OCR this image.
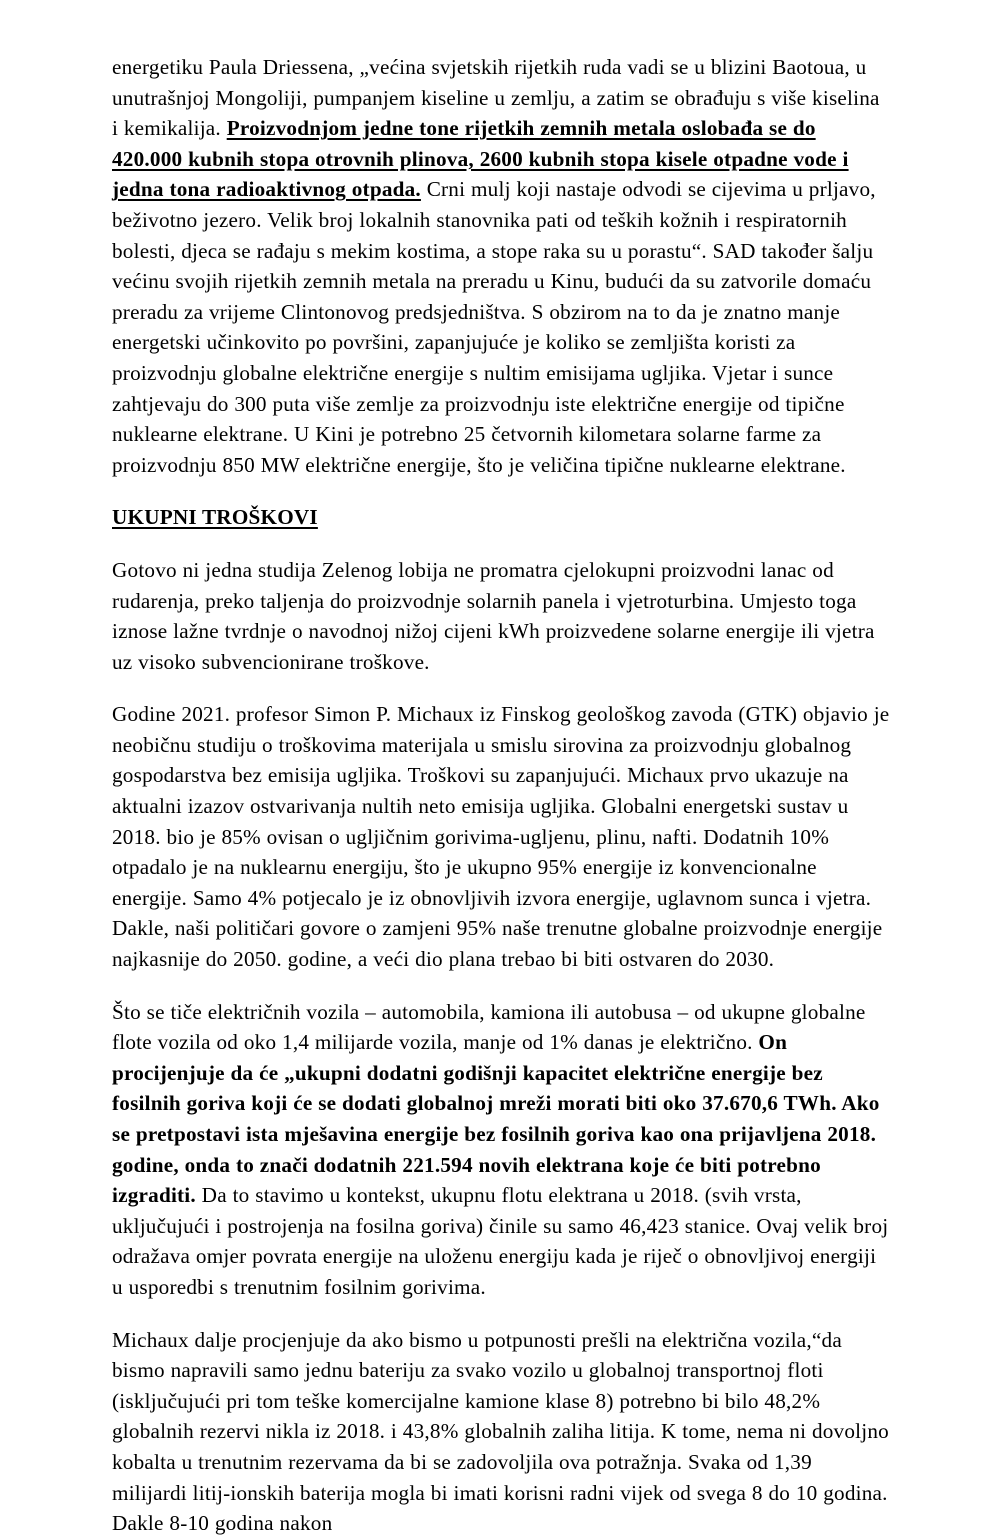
energetiku Paula Driessena, „većina svjetskih rijetkih ruda vadi se u blizini Baotoua, u unutrašnjoj Mongoliji, pumpanjem kiseline u zemlju, a zatim se obrađuju s više kiselina i kemikalija. Proizvodnjom jedne tone rijetkih zemnih metala oslobađa se do 420.000 kubnih stopa otrovnih plinova, 2600 kubnih stopa kisele otpadne vode i jedna tona radioaktivnog otpada. Crni mulj koji nastaje odvodi se cijevima u prljavo, beživotno jezero. Velik broj lokalnih stanovnika pati od teških kožnih i respiratornih bolesti, djeca se rađaju s mekim kostima, a stope raka su u porastu“. SAD također šalju većinu svojih rijetkih zemnih metala na preradu u Kinu, budući da su zatvorile domaću preradu za vrijeme Clintonovog predsjedništva. S obzirom na to da je znatno manje energetski učinkovito po površini, zapanjujuće je koliko se zemljišta koristi za proizvodnju globalne električne energije s nultim emisijama ugljika. Vjetar i sunce zahtjevaju do 300 puta više zemlje za proizvodnju iste električne energije od tipične nuklearne elektrane. U Kini je potrebno 25 četvornih kilometara solarne farme za proizvodnju 850 MW električne energije, što je veličina tipične nuklearne elektrane.

UKUPNI TROŠKOVI

Gotovo ni jedna studija Zelenog lobija ne promatra cjelokupni proizvodni lanac od rudarenja, preko taljenja do proizvodnje solarnih panela i vjetroturbina. Umjesto toga iznose lažne tvrdnje o navodnoj nižoj cijeni kWh proizvedene solarne energije ili vjetra uz visoko subvencionirane troškove.

Godine 2021. profesor Simon P. Michaux iz Finskog geološkog zavoda (GTK) objavio je neobičnu studiju o troškovima materijala u smislu sirovina za proizvodnju globalnog gospodarstva bez emisija ugljika. Troškovi su zapanjujući. Michaux prvo ukazuje na aktualni izazov ostvarivanja nultih neto emisija ugljika. Globalni energetski sustav u 2018. bio je 85% ovisan o ugljičnim gorivima-ugljenu, plinu, nafti. Dodatnih 10% otpadalo je na nuklearnu energiju, što je ukupno 95% energije iz konvencionalne energije. Samo 4% potjecalo je iz obnovljivih izvora energije, uglavnom sunca i vjetra. Dakle, naši političari govore o zamjeni 95% naše trenutne globalne proizvodnje energije najkasnije do 2050. godine, a veći dio plana trebao bi biti ostvaren do 2030.

Što se tiče električnih vozila – automobila, kamiona ili autobusa – od ukupne globalne flote vozila od oko 1,4 milijarde vozila, manje od 1% danas je električno. On procijenjuje da će „ukupni dodatni godišnji kapacitet električne energije bez fosilnih goriva koji će se dodati globalnoj mreži morati biti oko 37.670,6 TWh. Ako se pretpostavi ista mješavina energije bez fosilnih goriva kao ona prijavljena 2018. godine, onda to znači dodatnih 221.594 novih elektrana koje će biti potrebno izgraditi. Da to stavimo u kontekst, ukupnu flotu elektrana u 2018. (svih vrsta, uključujući i postrojenja na fosilna goriva) činile su samo 46,423 stanice. Ovaj velik broj odražava omjer povrata energije na uloženu energiju kada je riječ o obnovljivoj energiji u usporedbi s trenutnim fosilnim gorivima.

Michaux dalje procjenjuje da ako bismo u potpunosti prešli na električna vozila,“da bismo napravili samo jednu bateriju za svako vozilo u globalnoj transportnoj floti (isključujući pri tom teške komercijalne kamione klase 8) potrebno bi bilo 48,2% globalnih rezervi nikla iz 2018. i 43,8% globalnih zaliha litija. K tome, nema ni dovoljno kobalta u trenutnim rezervama da bi se zadovoljila ova potražnja. Svaka od 1,39 milijardi litij-ionskih baterija mogla bi imati korisni radni vijek od svega 8 do 10 godina. Dakle 8-10 godina nakon
